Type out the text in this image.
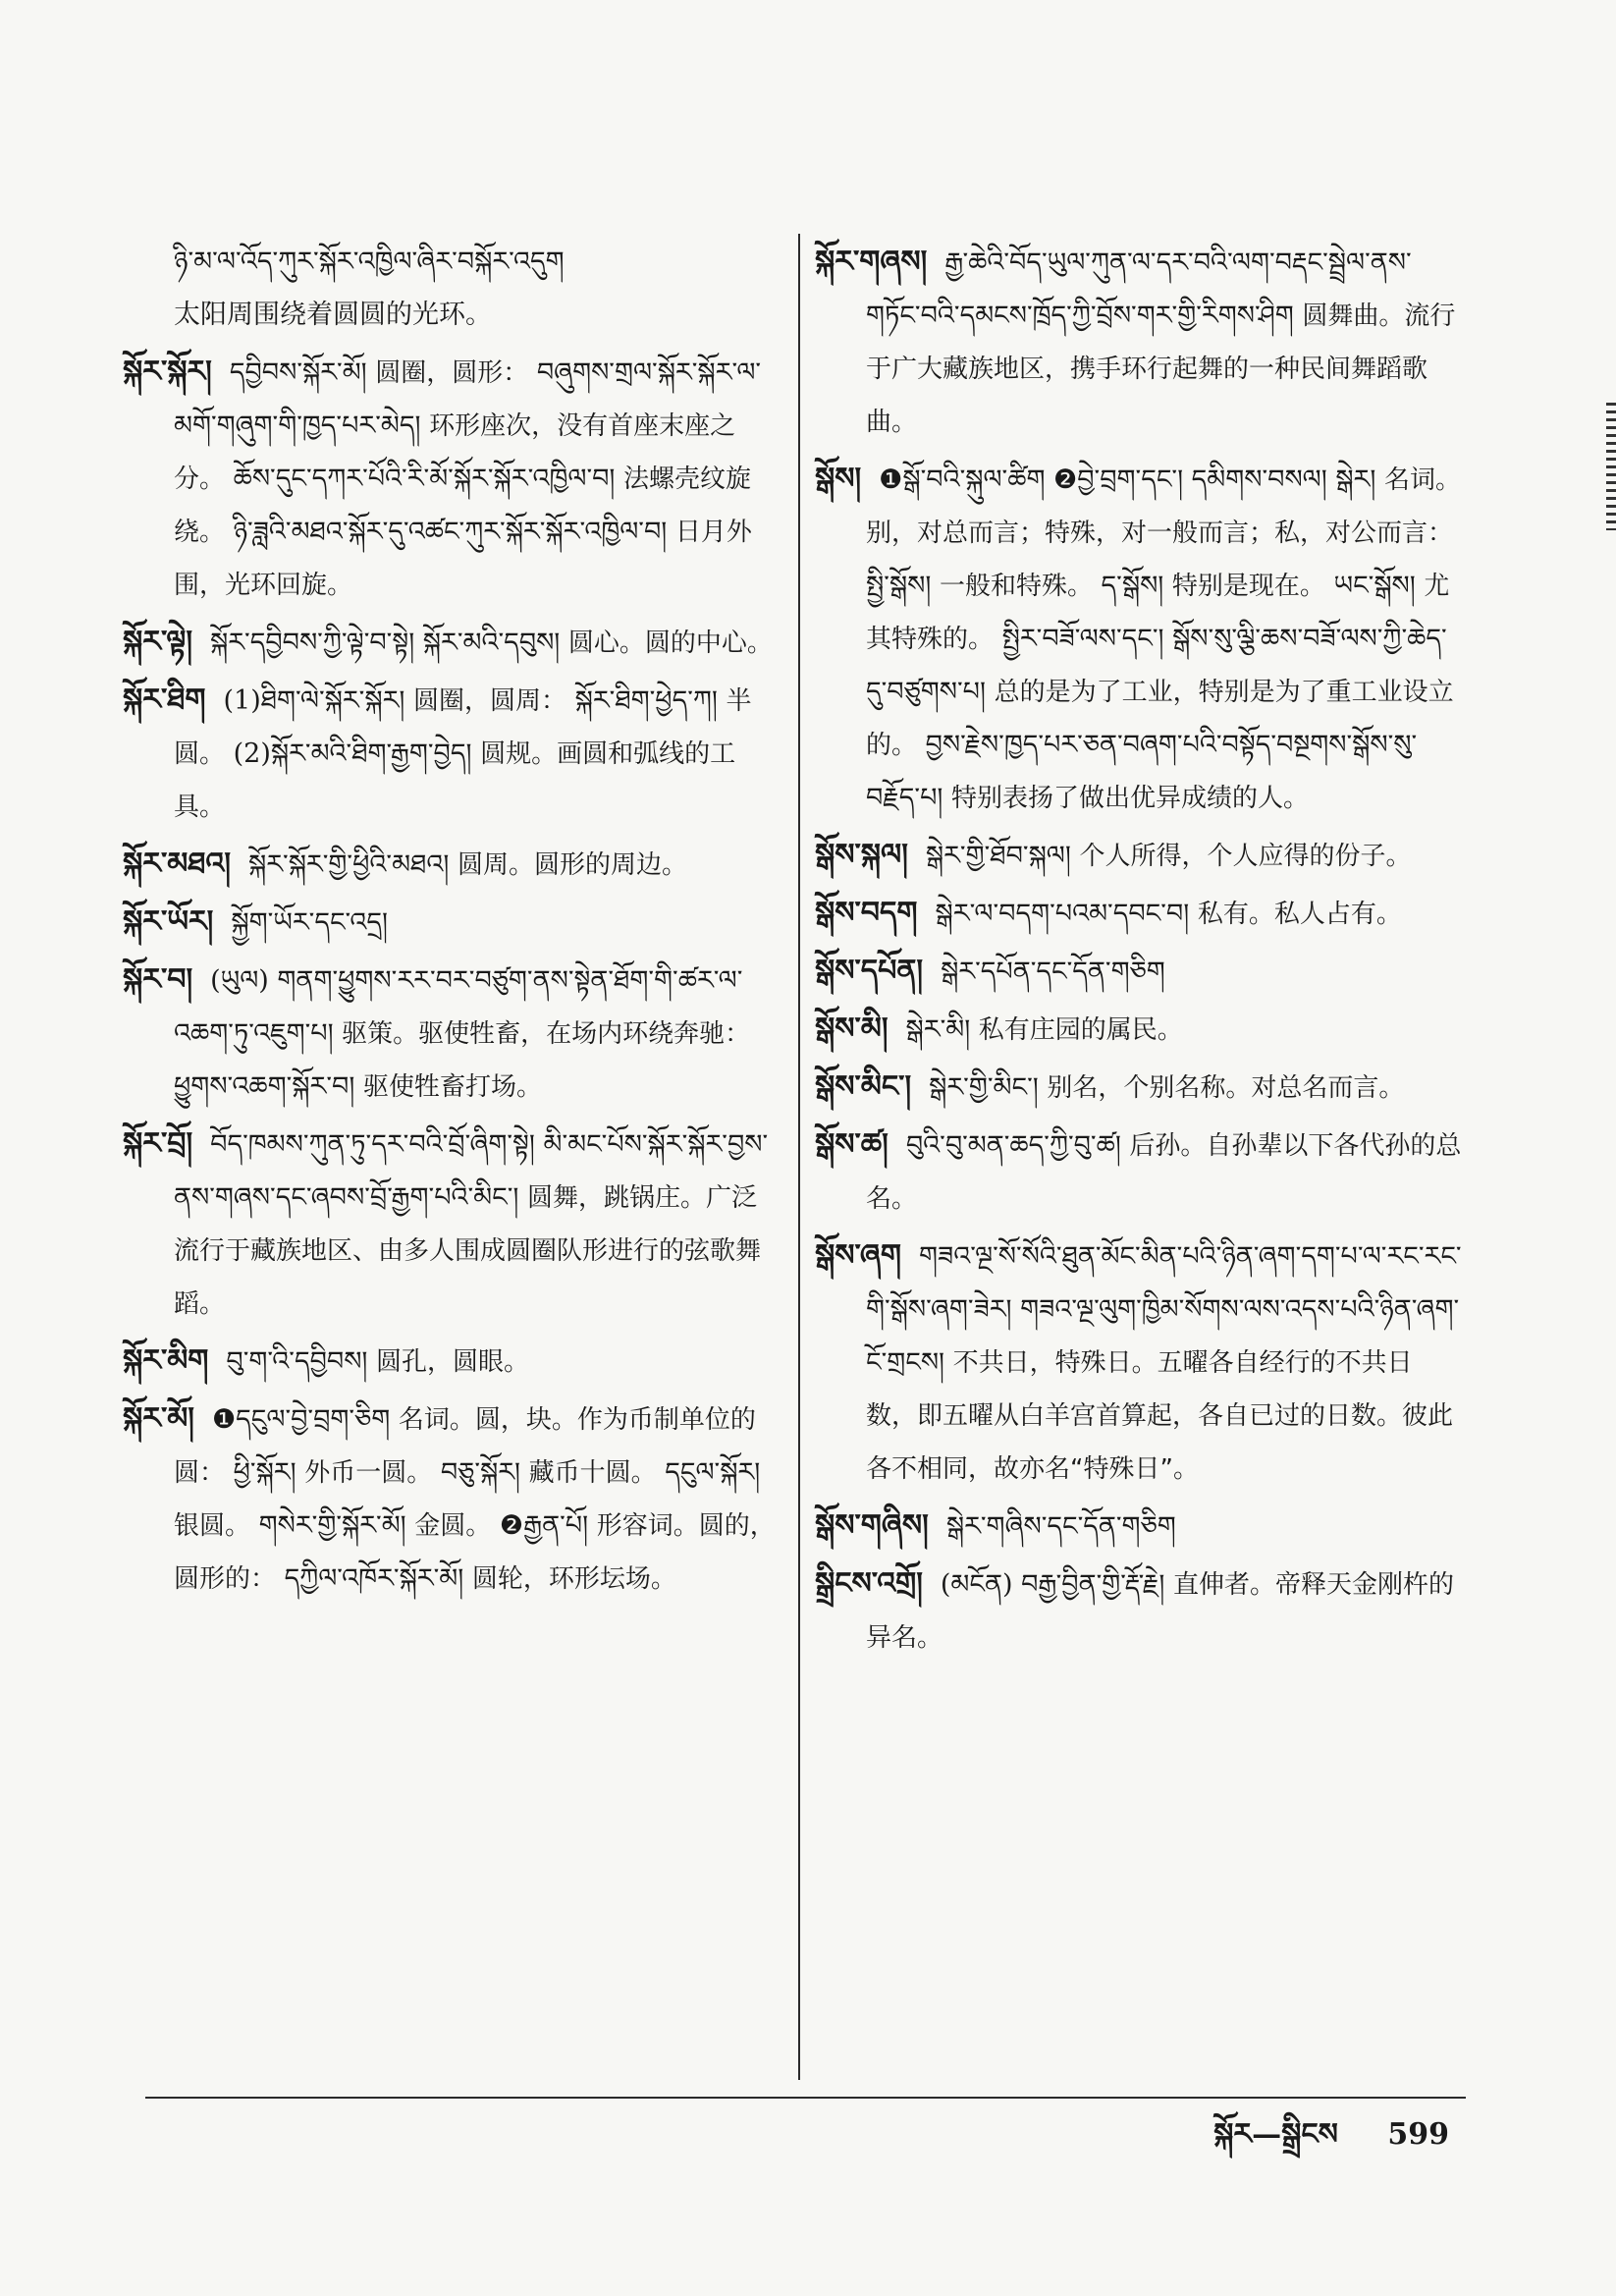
ཉི་མ་ལ་འོད་ཀུར་སྐོར་འཁྱིལ་ཞིར་བསྐོར་འདུག
太阳周围绕着圆圆的光环。

སྐོར་སྐོར། དབྱིབས་སྐོར་མོ། 圆圈，圆形： བཞུགས་གྲལ་སྐོར་སྐོར་ལ་མགོ་གཞུག་གི་ཁྱད་པར་མེད། 环形座次，没有首座末座之分。 ཆོས་དུང་དཀར་པོའི་རི་མོ་སྐོར་སྐོར་འཁྱིལ་བ། 法螺壳纹旋绕。 ཉི་ཟླའི་མཐའ་སྐོར་དུ་འཚང་ཀུར་སྐོར་སྐོར་འཁྱིལ་བ། 日月外围，光环回旋。

སྐོར་ལྟེ། སྐོར་དབྱིབས་ཀྱི་ལྟེ་བ་སྟེ། སྐོར་མའི་དབུས། 圆心。圆的中心。

སྐོར་ཐིག (1)ཐིག་ལེ་སྐོར་སྐོར། 圆圈，圆周： སྐོར་ཐིག་ཕྱེད་ཀ། 半圆。 (2)སྐོར་མའི་ཐིག་རྒྱག་བྱེད། 圆规。画圆和弧线的工具。

སྐོར་མཐའ། སྐོར་སྐོར་གྱི་ཕྱིའི་མཐའ། 圆周。圆形的周边。

སྐོར་ཡོར། སྐྱོག་ཡོར་དང་འདྲ།

སྐོར་བ། (ཡུལ) གནག་ཕྱུགས་རར་བར་བཙུག་ནས་སྟེན་ཐོག་གི་ཚར་ལ་འཆག་ཏུ་འཇུག་པ། 驱策。驱使牲畜，在场内环绕奔驰： ཕྱུགས་འཆག་སྐོར་བ། 驱使牲畜打场。

སྐོར་བྲོ། བོད་ཁམས་ཀུན་ཏུ་དར་བའི་བྲོ་ཞིག་སྟེ། མི་མང་པོས་སྐོར་སྐོར་བྱས་ནས་གཞས་དང་ཞབས་བྲོ་རྒྱག་པའི་མིང་། 圆舞，跳锅庄。广泛流行于藏族地区、由多人围成圆圈队形进行的弦歌舞蹈。

སྐོར་མིག བུ་ག་འི་དབྱིབས། 圆孔，圆眼。

སྐོར་མོ། ❶དངུལ་བྱེ་བྲག་ཅིག 名词。圆，块。作为币制单位的圆： ཕྱི་སྐོར། 外币一圆。 བཅུ་སྐོར། 藏币十圆。 དངུལ་སྐོར། 银圆。 གསེར་གྱི་སྐོར་མོ། 金圆。 ❷རྒྱན་པོ། 形容词。圆的，圆形的： དཀྱིལ་འཁོར་སྐོར་མོ། 圆轮，环形坛场。

སྐོར་གཞས། རྒྱ་ཆེའི་བོད་ཡུལ་ཀུན་ལ་དར་བའི་ལག་བརྡང་སྦྲེལ་ནས་གཏོང་བའི་དམངས་ཁྲོད་ཀྱི་བྲོས་གར་གྱི་རིགས་ཤིག 圆舞曲。流行于广大藏族地区，携手环行起舞的一种民间舞蹈歌曲。

སྒོས། ❶སྒོ་བའི་སྐུལ་ཚིག ❷བྱེ་བྲག་དང་། དམིགས་བསལ། སྒེར། 名词。别，对总而言；特殊，对一般而言；私，对公而言： སྤྱི་སྒོས། 一般和特殊。 ད་སྒོས། 特别是现在。 ཡང་སྒོས། 尤其特殊的。 སྤྱིར་བཟོ་ལས་དང་། སྒོས་སུ་ལྕི་ཆས་བཟོ་ལས་ཀྱི་ཆེད་དུ་བཙུགས་པ། 总的是为了工业，特别是为了重工业设立的。 བྱས་རྗེས་ཁྱད་པར་ཅན་བཞག་པའི་བསྟོད་བསྔགས་སྒོས་སུ་བརྗོད་པ། 特别表扬了做出优异成绩的人。

སྒོས་སྐལ། སྒེར་གྱི་ཐོབ་སྐལ། 个人所得，个人应得的份子。

སྒོས་བདག སྒེར་ལ་བདག་པའམ་དབང་བ། 私有。私人占有。

སྒོས་དཔོན། སྒེར་དཔོན་དང་དོན་གཅིག

སྒོས་མི། སྒེར་མི། 私有庄园的属民。

སྒོས་མིང་། སྒེར་གྱི་མིང་། 别名，个别名称。对总名而言。

སྒོས་ཚ། བུའི་བུ་མན་ཆད་ཀྱི་བུ་ཚ། 后孙。自孙辈以下各代孙的总名。

སྒོས་ཞག གཟའ་ལྔ་སོ་སོའི་ཐུན་མོང་མིན་པའི་ཉིན་ཞག་དག་པ་ལ་རང་རང་གི་སྒོས་ཞག་ཟེར། གཟའ་ལྔ་ལུག་ཁྱིམ་སོགས་ལས་འདས་པའི་ཉིན་ཞག་ངོ་གྲངས། 不共日，特殊日。五曜各自经行的不共日数，即五曜从白羊宫首算起，各自已过的日数。彼此各不相同，故亦名“特殊日”。

སྒོས་གཞིས། སྒེར་གཞིས་དང་དོན་གཅིག

སྒྲིངས་འགྲོ། (མངོན) བརྒྱ་བྱིན་གྱི་རྡོ་རྗེ། 直伸者。帝释天金刚杵的异名。

སྐོར—སྒྲིངས 599
